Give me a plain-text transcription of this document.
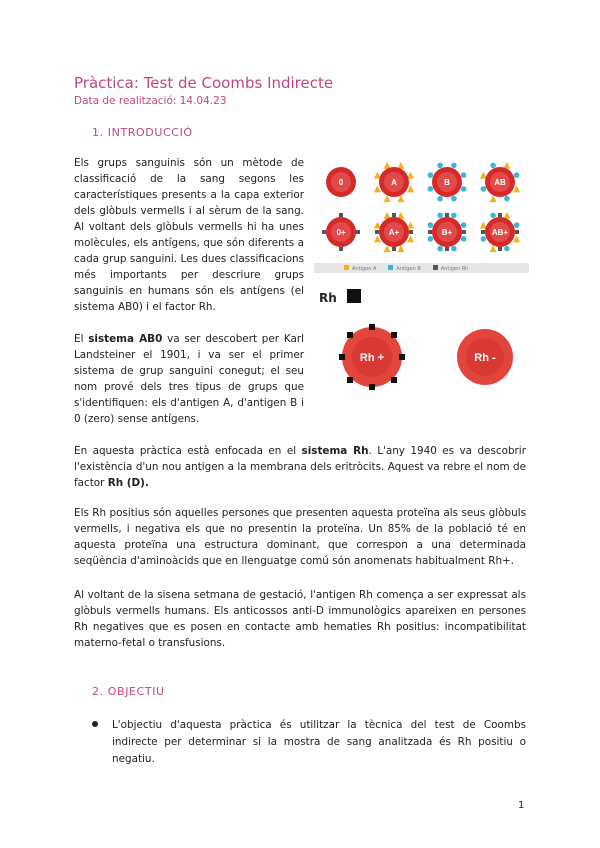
Pràctica: Test de Coombs Indirecte
Data de realització: 14.04.23
1. INTRODUCCIÓ
Els grups sanguinis són un mètode de classificació de la sang segons les característiques presents a la capa exterior dels glòbuls vermells i al sèrum de la sang. Al voltant dels glòbuls vermells hi ha unes molècules, els antígens, que són diferents a cada grup sanguini. Les dues classificacions més importants per descriure grups sanguinis en humans són els antígens (el sistema AB0) i el factor Rh.
0	A	B	AB
0+	A+	B+	AB+
Antigen A	Antigen B	Antigen Rh
Rh
Rh +	Rh -
El sistema AB0 va ser descobert per Karl Landsteiner el 1901, i va ser el primer sistema de grup sanguini conegut; el seu nom prové dels tres tipus de grups que s'identifiquen: els d'antigen A, d'antigen B i 0 (zero) sense antígens.
En aquesta pràctica està enfocada en el sistema Rh. L'any 1940 es va descobrir l'existència d'un nou antigen a la membrana dels eritròcits. Aquest va rebre el nom de factor Rh (D).
Els Rh positius són aquelles persones que presenten aquesta proteïna als seus glòbuls vermells, i negativa els que no presentin la proteïna. Un 85% de la població té en aquesta proteïna una estructura dominant, que correspon a una determinada seqüència d'aminoàcids que en llenguatge comú són anomenats habitualment Rh+.
Al voltant de la sisena setmana de gestació, l'antigen Rh comença a ser expressat als glòbuls vermells humans. Els anticossos anti-D immunològics apareixen en persones Rh negatives que es posen en contacte amb hematies Rh positius: incompatibilitat materno-fetal o transfusions.
2. OBJECTIU
L'objectiu d'aquesta pràctica és utilitzar la tècnica del test de Coombs indirecte per determinar si la mostra de sang analitzada és Rh positiu o negatiu.
1
